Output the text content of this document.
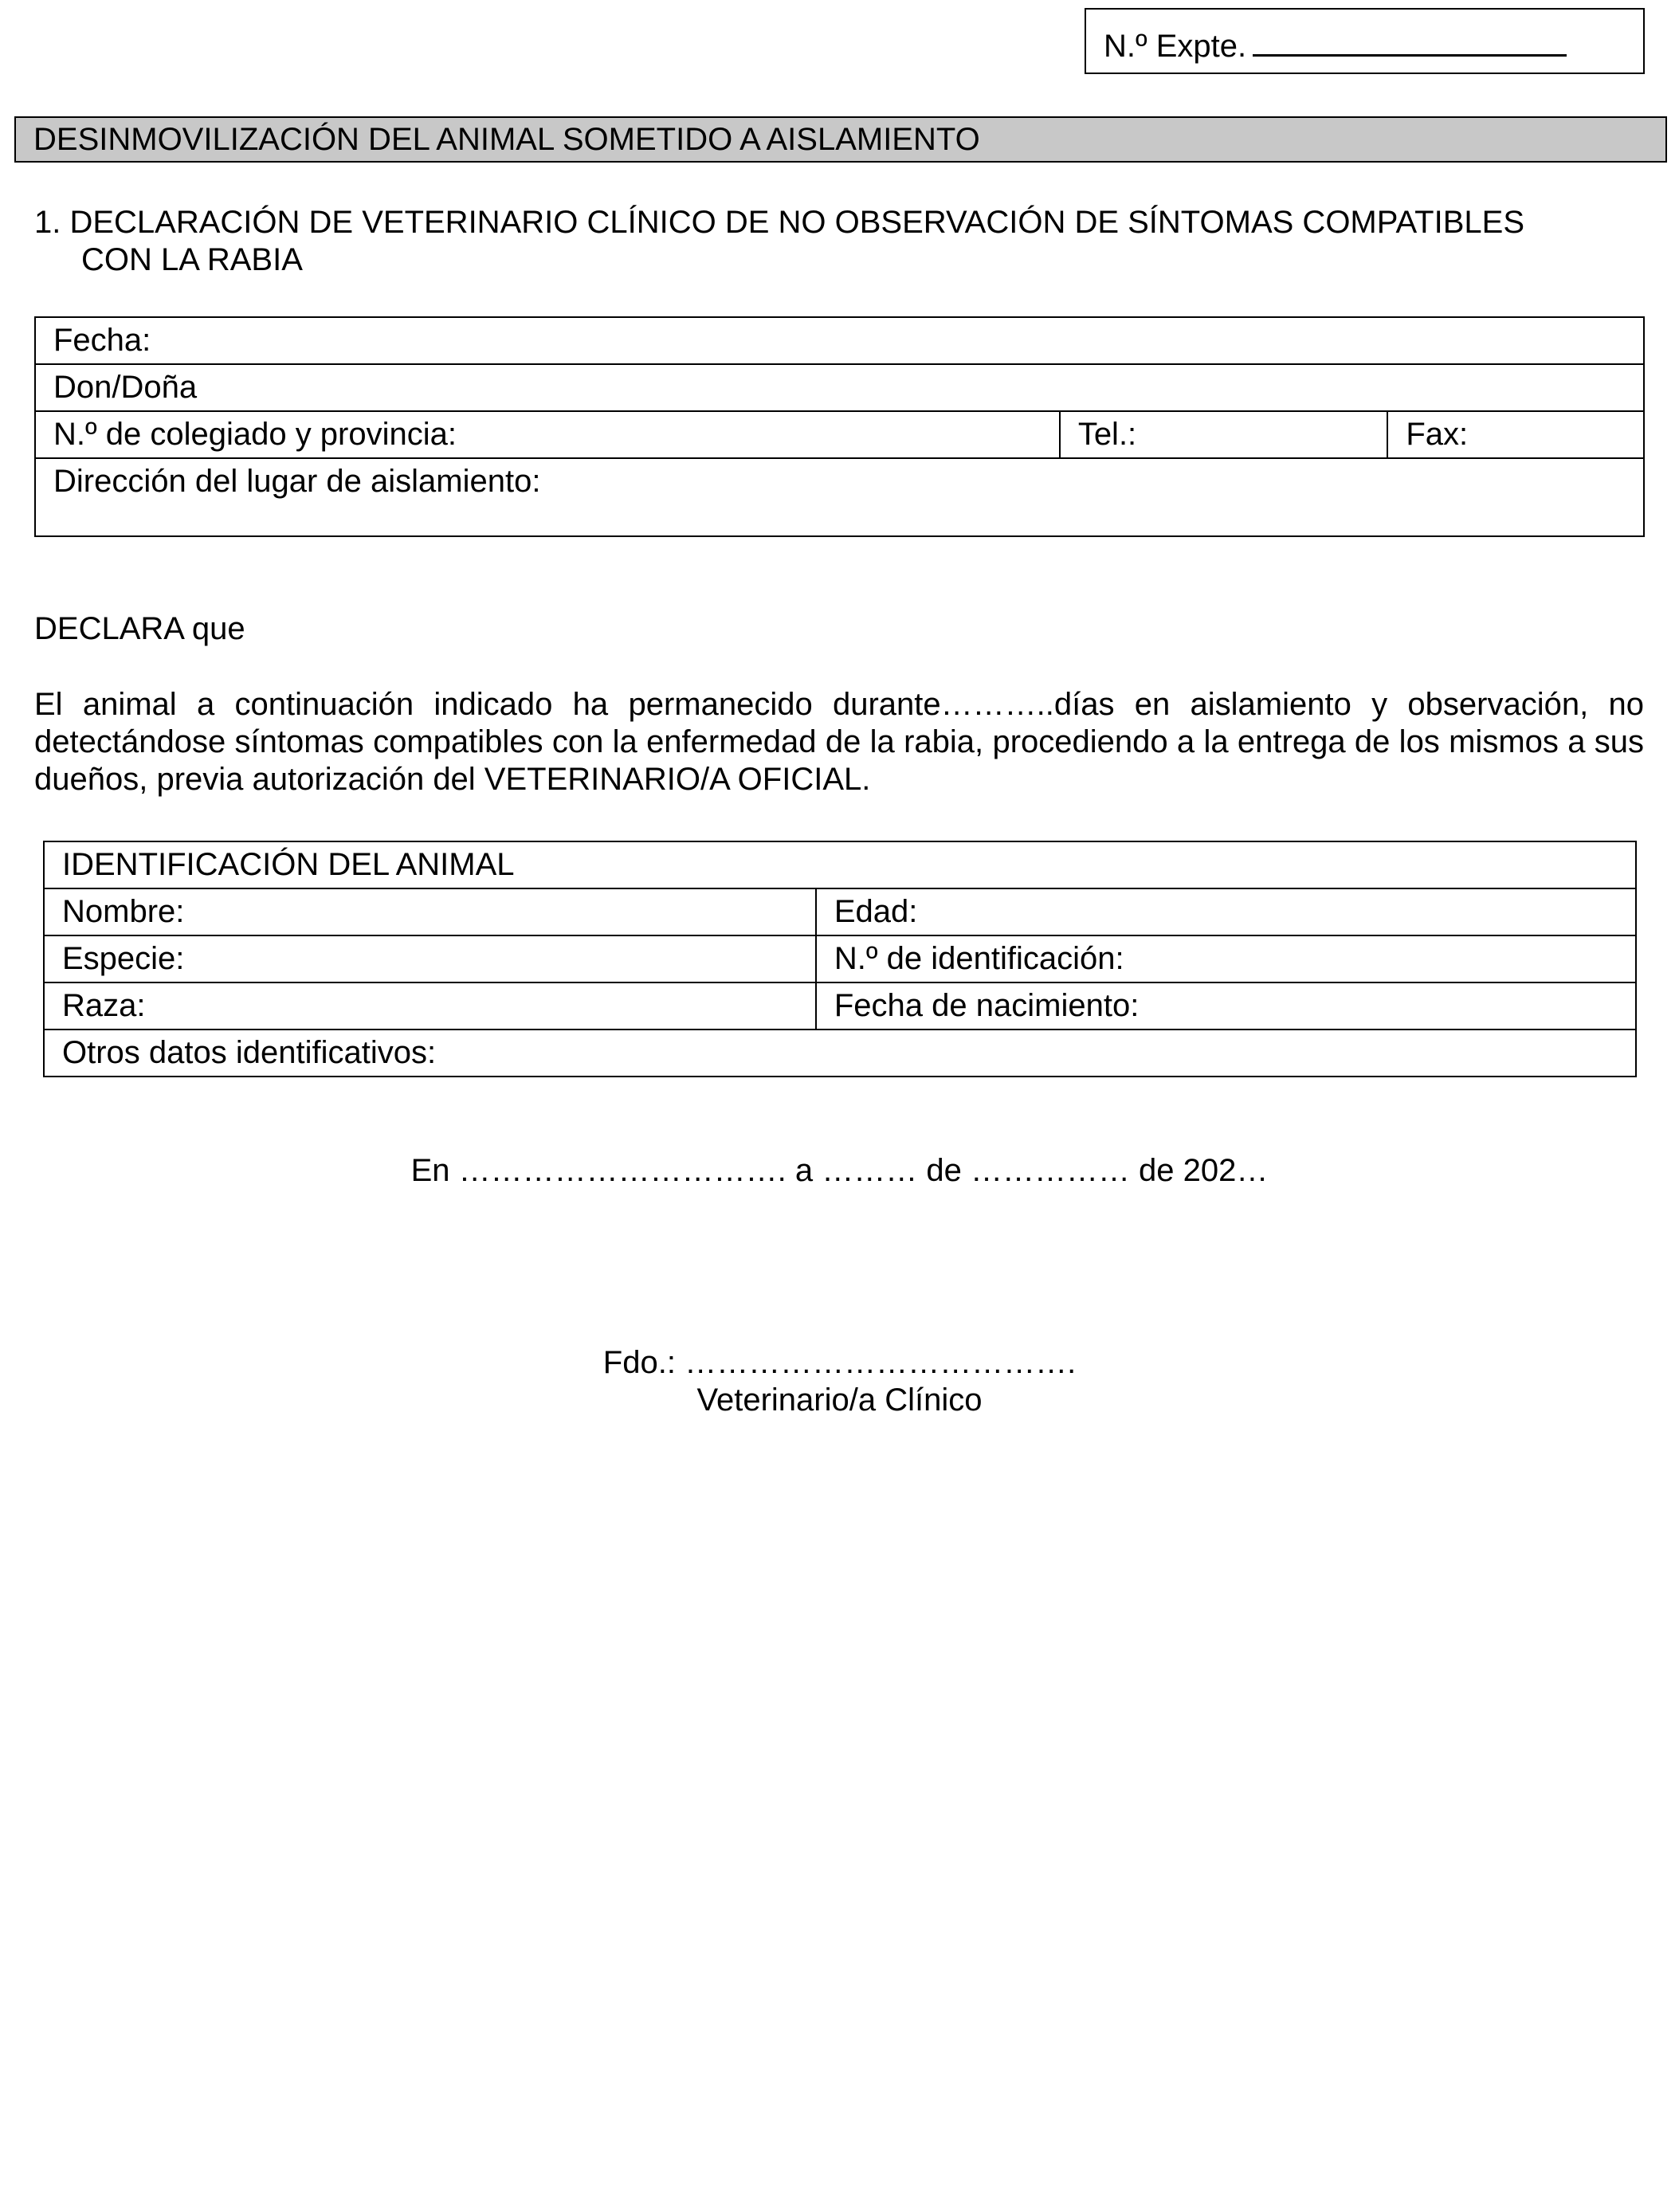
N.º Expte.
DESINMOVILIZACIÓN DEL ANIMAL SOMETIDO A AISLAMIENTO
1. DECLARACIÓN DE VETERINARIO CLÍNICO DE NO OBSERVACIÓN DE SÍNTOMAS COMPATIBLES
CON LA RABIA
Fecha:
Don/Doña
N.º de colegiado y provincia:	Tel.:	Fax:
Dirección del lugar de aislamiento:
DECLARA que
El animal a continuación indicado ha permanecido durante………..días en aislamiento y observación, no detectándose síntomas compatibles con la enfermedad de la rabia, procediendo a la entrega de los mismos a sus dueños, previa autorización del VETERINARIO/A OFICIAL.
IDENTIFICACIÓN DEL ANIMAL	
Nombre:	Edad:
Especie:	N.º de identificación:
Raza:	Fecha de nacimiento:
Otros datos identificativos:	
En …………………………. a ……… de …………… de 202…
Fdo.: ……………………………….
Veterinario/a Clínico
